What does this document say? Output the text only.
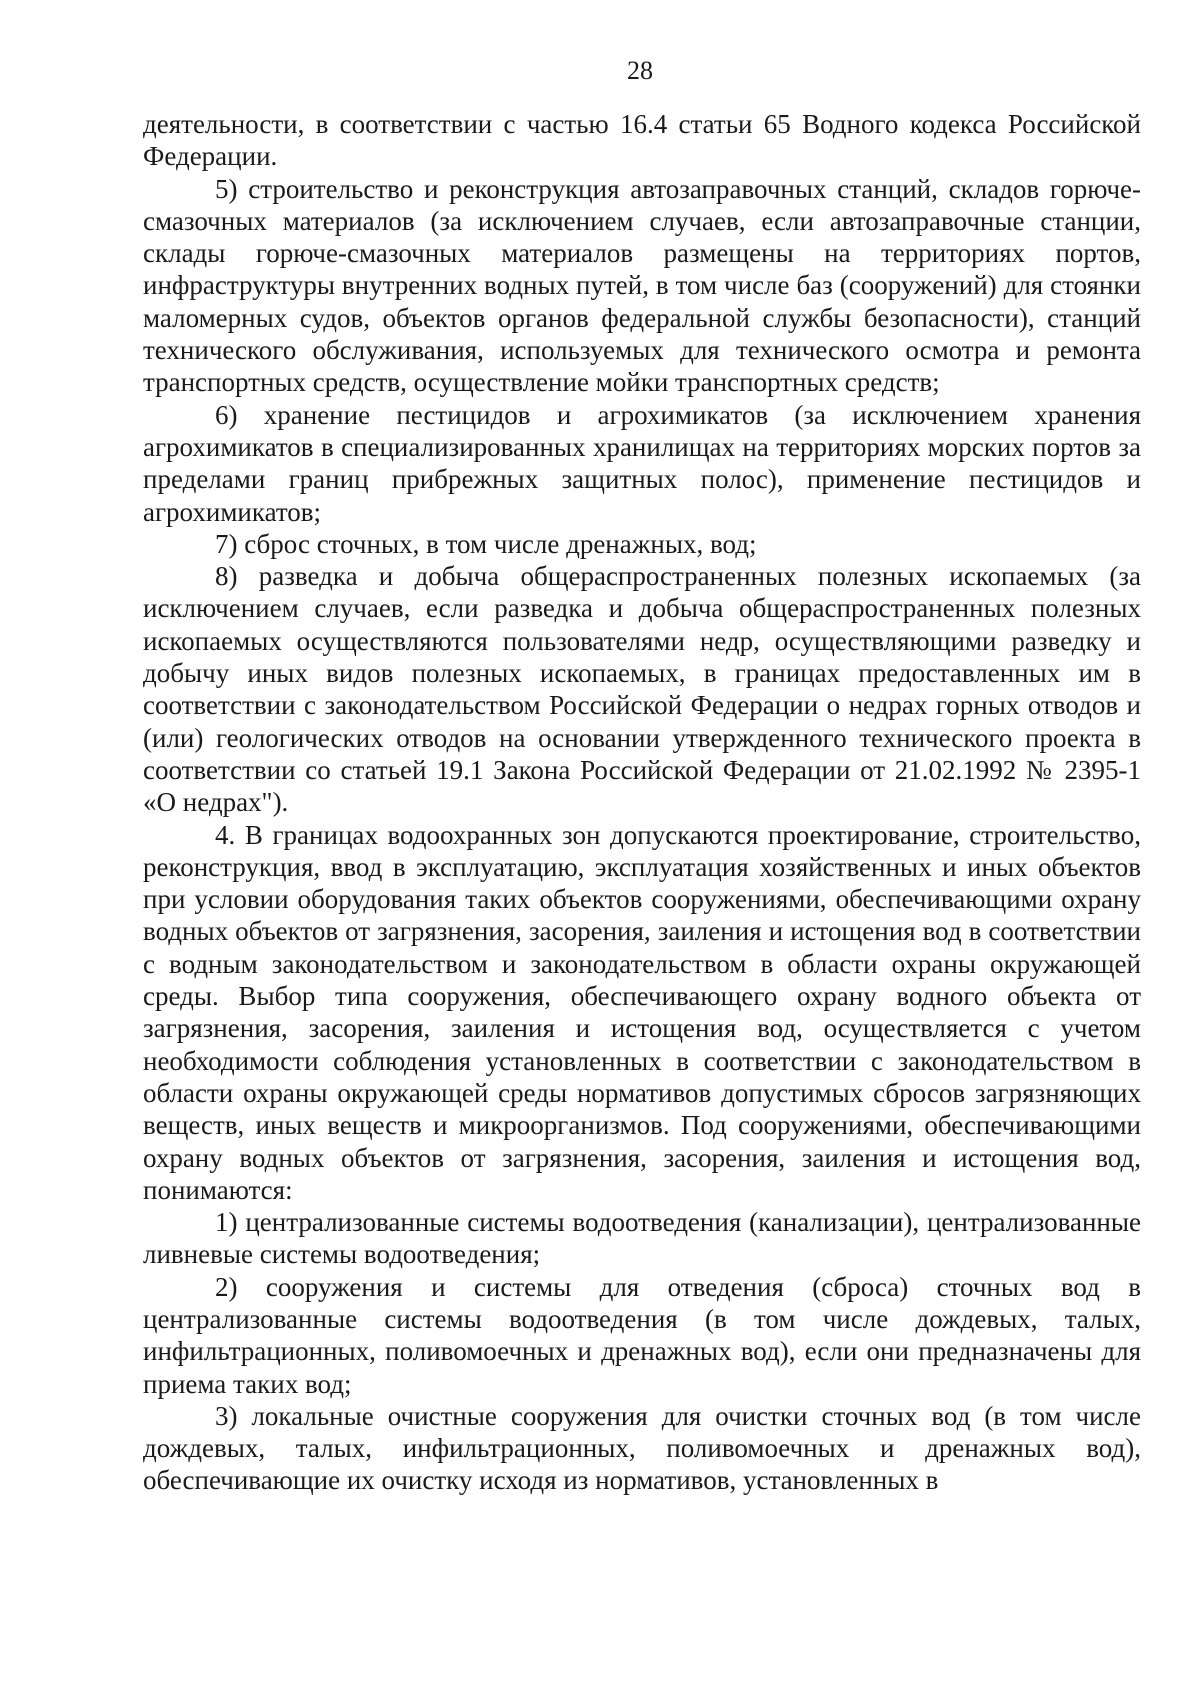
28

деятельности, в соответствии с частью 16.4 статьи 65 Водного кодекса Российской Федерации.

5) строительство и реконструкция автозаправочных станций, складов горюче-смазочных материалов (за исключением случаев, если автозаправочные станции, склады горюче-смазочных материалов размещены на территориях портов, инфраструктуры внутренних водных путей, в том числе баз (сооружений) для стоянки маломерных судов, объектов органов федеральной службы безопасности), станций технического обслуживания, используемых для технического осмотра и ремонта транспортных средств, осуществление мойки транспортных средств;

6) хранение пестицидов и агрохимикатов (за исключением хранения агрохимикатов в специализированных хранилищах на территориях морских портов за пределами границ прибрежных защитных полос), применение пестицидов и агрохимикатов;

7) сброс сточных, в том числе дренажных, вод;

8) разведка и добыча общераспространенных полезных ископаемых (за исключением случаев, если разведка и добыча общераспространенных полезных ископаемых осуществляются пользователями недр, осуществляющими разведку и добычу иных видов полезных ископаемых, в границах предоставленных им в соответствии с законодательством Российской Федерации о недрах горных отводов и (или) геологических отводов на основании утвержденного технического проекта в соответствии со статьей 19.1 Закона Российской Федерации от 21.02.1992 № 2395-1 «О недрах").

4. В границах водоохранных зон допускаются проектирование, строительство, реконструкция, ввод в эксплуатацию, эксплуатация хозяйственных и иных объектов при условии оборудования таких объектов сооружениями, обеспечивающими охрану водных объектов от загрязнения, засорения, заиления и истощения вод в соответствии с водным законодательством и законодательством в области охраны окружающей среды. Выбор типа сооружения, обеспечивающего охрану водного объекта от загрязнения, засорения, заиления и истощения вод, осуществляется с учетом необходимости соблюдения установленных в соответствии с законодательством в области охраны окружающей среды нормативов допустимых сбросов загрязняющих веществ, иных веществ и микроорганизмов. Под сооружениями, обеспечивающими охрану водных объектов от загрязнения, засорения, заиления и истощения вод, понимаются:

1) централизованные системы водоотведения (канализации), централизованные ливневые системы водоотведения;

2) сооружения и системы для отведения (сброса) сточных вод в централизованные системы водоотведения (в том числе дождевых, талых, инфильтрационных, поливомоечных и дренажных вод), если они предназначены для приема таких вод;

3) локальные очистные сооружения для очистки сточных вод (в том числе дождевых, талых, инфильтрационных, поливомоечных и дренажных вод), обеспечивающие их очистку исходя из нормативов, установленных в
